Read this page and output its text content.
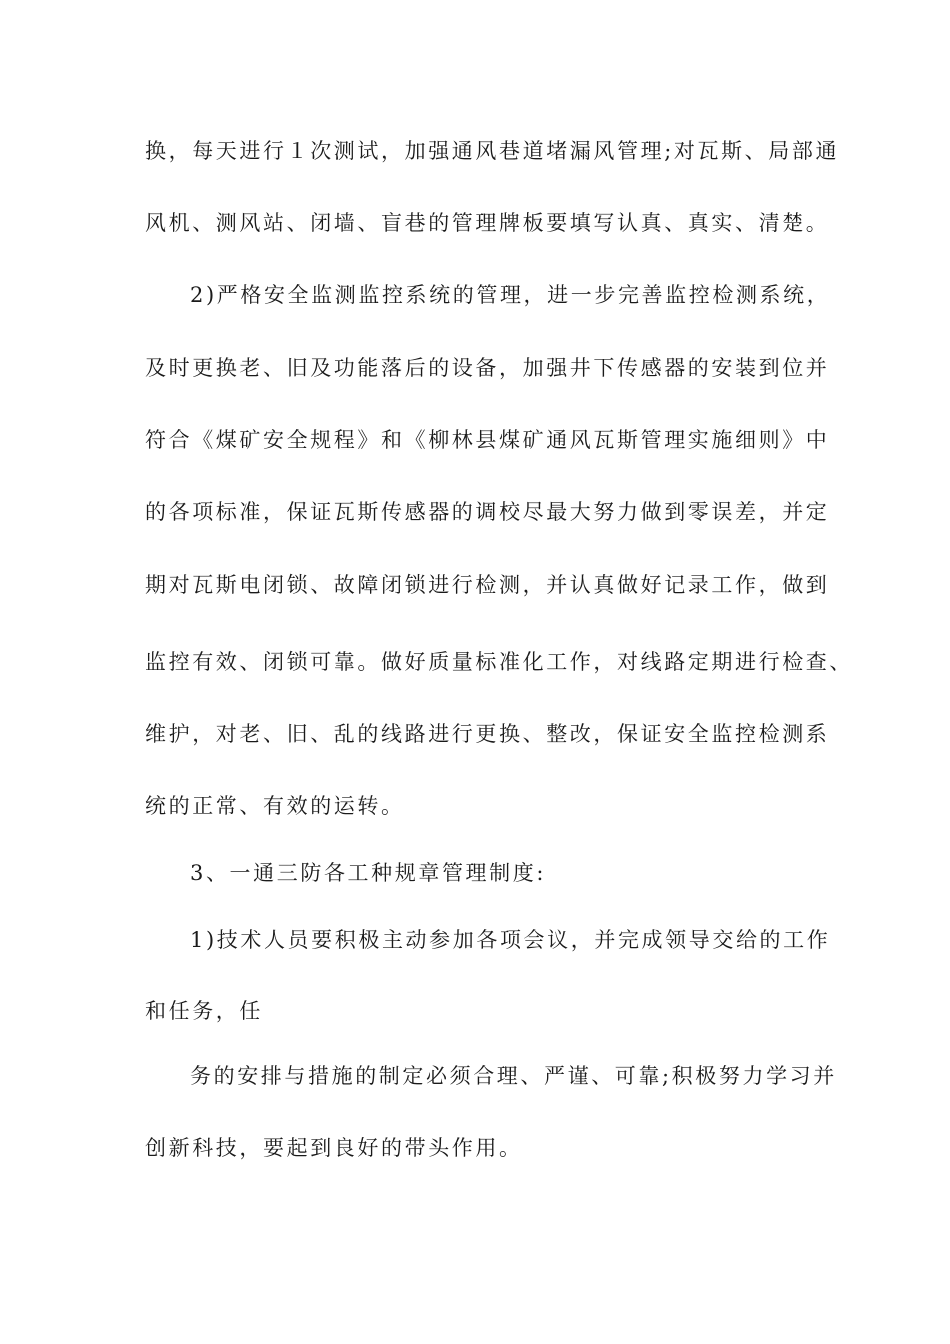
换，每天进行１次测试，加强通风巷道堵漏风管理;对瓦斯、局部通
风机、测风站、闭墙、盲巷的管理牌板要填写认真、真实、清楚。
2)严格安全监测监控系统的管理，进一步完善监控检测系统，
及时更换老、旧及功能落后的设备，加强井下传感器的安装到位并
符合《煤矿安全规程》和《柳林县煤矿通风瓦斯管理实施细则》中
的各项标准，保证瓦斯传感器的调校尽最大努力做到零误差，并定
期对瓦斯电闭锁、故障闭锁进行检测，并认真做好记录工作，做到
监控有效、闭锁可靠。做好质量标准化工作，对线路定期进行检查、
维护，对老、旧、乱的线路进行更换、整改，保证安全监控检测系
统的正常、有效的运转。
3、一通三防各工种规章管理制度:
1)技术人员要积极主动参加各项会议，并完成领导交给的工作
和任务，任
务的安排与措施的制定必须合理、严谨、可靠;积极努力学习并
创新科技，要起到良好的带头作用。
